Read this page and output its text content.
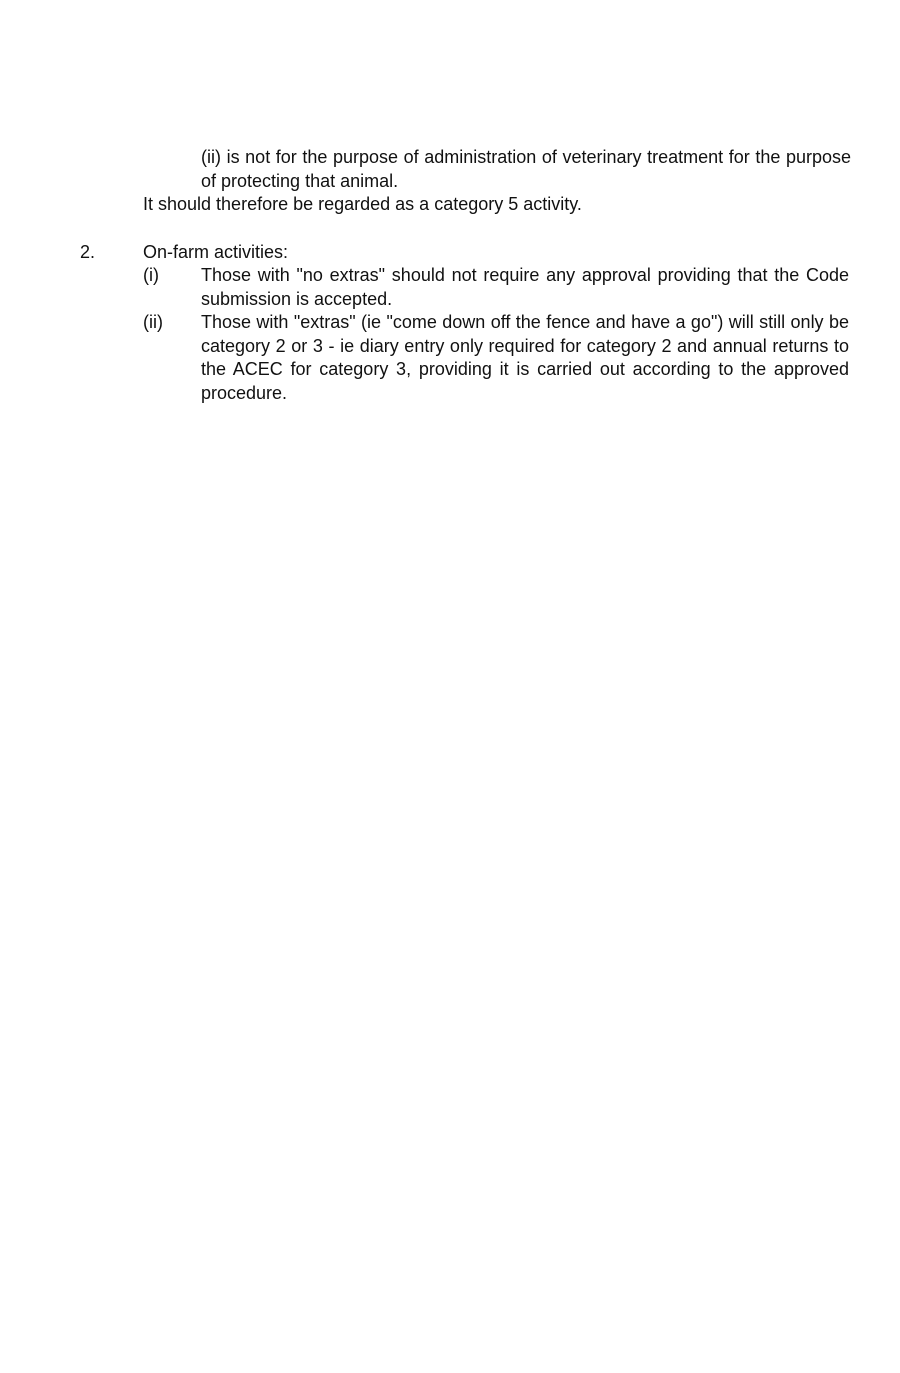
(ii) is not for the purpose of administration of veterinary treatment for the purpose of protecting that animal.
It should therefore be regarded as a category 5 activity.
2.	On-farm activities:
(i) Those with "no extras" should not require any approval providing that the Code submission is accepted.
(ii) Those with "extras" (ie "come down off the fence and have a go") will still only be category 2 or 3 - ie diary entry only required for category 2 and annual returns to the ACEC for category 3, providing it is carried out according to the approved procedure.
